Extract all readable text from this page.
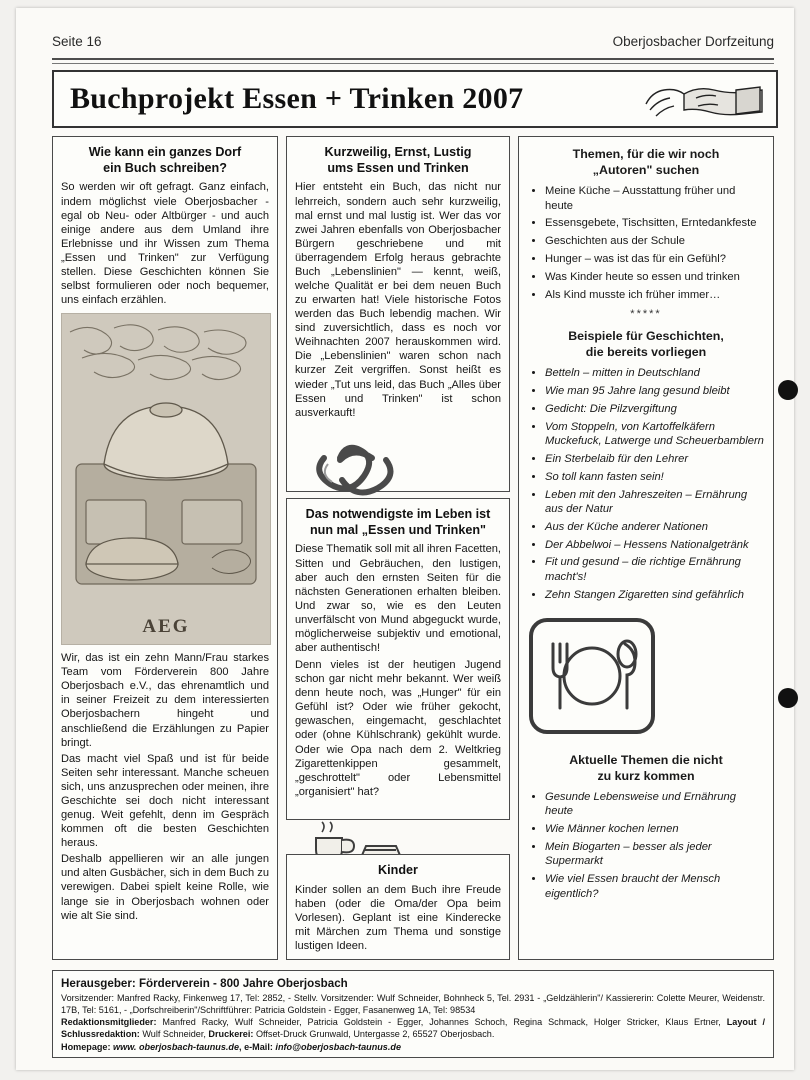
Seite 16	Oberjosbacher Dorfzeitung
Buchprojekt Essen + Trinken 2007
Wie kann ein ganzes Dorf
ein Buch schreiben?
So werden wir oft gefragt. Ganz einfach, indem möglichst viele Oberjosbacher - egal ob Neu- oder Altbürger - und auch einige andere aus dem Umland ihre Erlebnisse und ihr Wissen zum Thema „Essen und Trinken" zur Verfügung stellen. Diese Geschichten können Sie selbst formulieren oder noch bequemer, uns einfach erzählen.
AEG
Wir, das ist ein zehn Mann/Frau starkes Team vom Förderverein 800 Jahre Oberjosbach e.V., das ehrenamtlich und in seiner Freizeit zu dem interessierten Oberjosbachern hingeht und anschließend die Erzählungen zu Papier bringt.
Das macht viel Spaß und ist für beide Seiten sehr interessant. Manche scheuen sich, uns anzusprechen oder meinen, ihre Geschichte sei doch nicht interessant genug. Weit gefehlt, denn im Gespräch kommen oft die besten Geschichten heraus.
Deshalb appellieren wir an alle jungen und alten Gusbächer, sich in dem Buch zu verewigen. Dabei spielt keine Rolle, wie lange sie in Oberjosbach wohnen oder wie alt Sie sind.
Kurzweilig, Ernst, Lustig
ums Essen und Trinken
Hier entsteht ein Buch, das nicht nur lehrreich, sondern auch sehr kurzweilig, mal ernst und mal lustig ist. Wer das vor zwei Jahren ebenfalls von Oberjosbacher Bürgern geschriebene und mit überragendem Erfolg heraus gebrachte Buch „Lebenslinien" — kennt, weiß, welche Qualität er bei dem neuen Buch zu erwarten hat! Viele historische Fotos werden das Buch lebendig machen. Wir sind zuversichtlich, dass es noch vor Weihnachten 2007 herauskommen wird. Die „Lebenslinien" waren schon nach kurzer Zeit vergriffen. Sonst heißt es wieder „Tut uns leid, das Buch „Alles über Essen und Trinken" ist schon ausverkauft!
Das notwendigste im Leben ist
nun mal „Essen und Trinken"
Diese Thematik soll mit all ihren Facetten, Sitten und Gebräuchen, den lustigen, aber auch den ernsten Seiten für die nächsten Generationen erhalten bleiben. Und zwar so, wie es den Leuten unverfälscht von Mund abgeguckt wurde, möglicherweise subjektiv und emotional, aber authentisch!
Denn vieles ist der heutigen Jugend schon gar nicht mehr bekannt. Wer weiß denn heute noch, was „Hunger" für ein Gefühl ist? Oder wie früher gekocht, gewaschen, eingemacht, geschlachtet oder (ohne Kühlschrank) gekühlt wurde. Oder wie Opa nach dem 2. Weltkrieg Zigarettenkippen gesammelt, „geschrottelt" oder Lebensmittel „organisiert" hat?
Kinder
Kinder sollen an dem Buch ihre Freude haben (oder die Oma/der Opa beim Vorlesen). Geplant ist eine Kinderecke mit Märchen zum Thema und sonstige lustigen Ideen.
Themen, für die wir noch
„Autoren" suchen
• Meine Küche – Ausstattung früher und heute
• Essensgebete, Tischsitten, Erntedankfeste
• Geschichten aus der Schule
• Hunger – was ist das für ein Gefühl?
• Was Kinder heute so essen und trinken
• Als Kind musste ich früher immer…
*****
Beispiele für Geschichten,
die bereits vorliegen
• Betteln – mitten in Deutschland
• Wie man 95 Jahre lang gesund bleibt
• Gedicht: Die Pilzvergiftung
• Vom Stoppeln, von Kartoffelkäfern Muckefuck, Latwerge und Scheuerbamblern
• Ein Sterbelaib für den Lehrer
• So toll kann fasten sein!
• Leben mit den Jahreszeiten – Ernährung aus der Natur
• Aus der Küche anderer Nationen
• Der Abbelwoi – Hessens Nationalgetränk
• Fit und gesund – die richtige Ernährung macht's!
• Zehn Stangen Zigaretten sind gefährlich
Aktuelle Themen die nicht
zu kurz kommen
• Gesunde Lebensweise und Ernährung heute
• Wie Männer kochen lernen
• Mein Biogarten – besser als jeder Supermarkt
• Wie viel Essen braucht der Mensch eigentlich?
Herausgeber: Förderverein - 800 Jahre Oberjosbach
Vorsitzender: Manfred Racky, Finkenweg 17, Tel: 2852, - Stellv. Vorsitzender: Wulf Schneider, Bohnheck 5, Tel. 2931 - „Geldzählerin"/ Kassiererin: Colette Meurer, Weidenstr. 17B, Tel: 5161, - „Dorfschreiberin"/Schriftführer: Patricia Goldstein - Egger, Fasanenweg 1A, Tel: 98534
Redaktionsmitglieder: Manfred Racky, Wulf Schneider, Patricia Goldstein - Egger, Johannes Schoch, Regina Schmack, Holger Stricker, Klaus Ertner, Layout / Schlussredaktion: Wulf Schneider, Druckerei: Offset-Druck Grunwald, Untergasse 2, 65527 Oberjosbach.
Homepage: www. oberjosbach-taunus.de, e-Mail: info@oberjosbach-taunus.de
